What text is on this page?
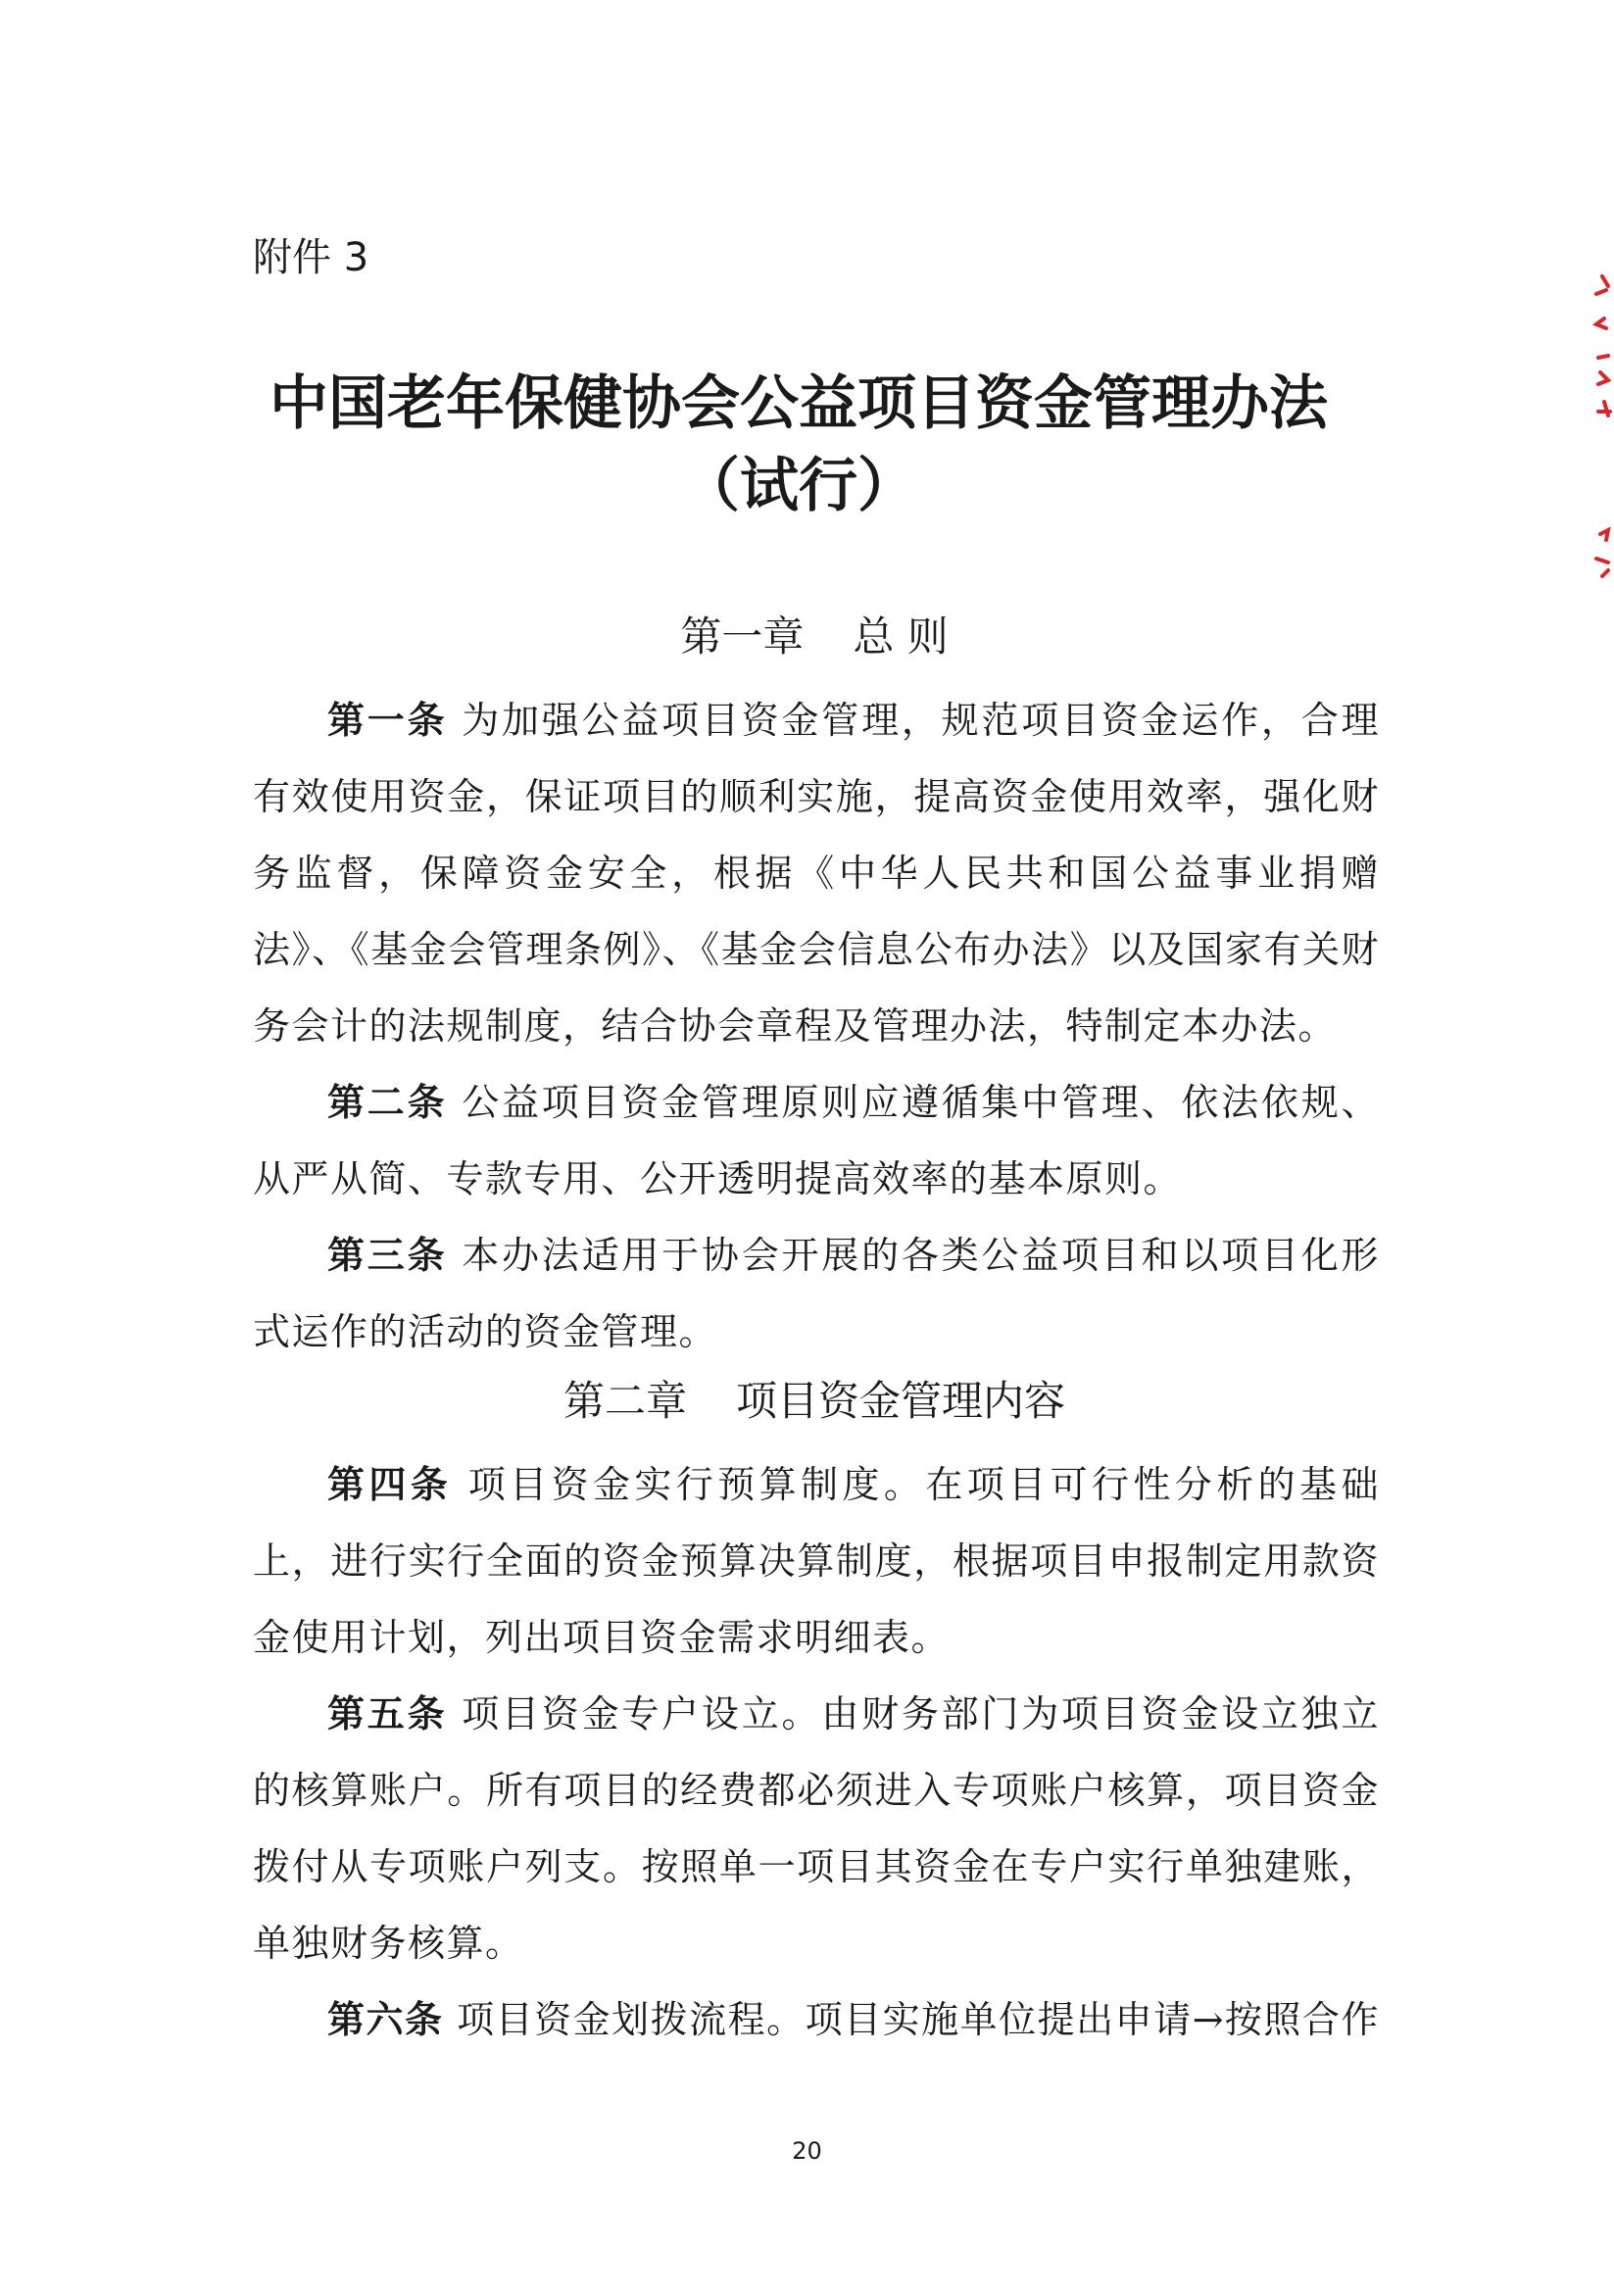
附件 3
中国老年保健协会公益项目资金管理办法
（试行）
第一章 总 则
第一条 为加强公益项目资金管理，规范项目资金运作，合理有效使用资金，保证项目的顺利实施，提高资金使用效率，强化财务监督，保障资金安全，根据《中华人民共和国公益事业捐赠法》、《基金会管理条例》、《基金会信息公布办法》以及国家有关财务会计的法规制度，结合协会章程及管理办法，特制定本办法。
第二条 公益项目资金管理原则应遵循集中管理、依法依规、从严从简、专款专用、公开透明提高效率的基本原则。
第三条 本办法适用于协会开展的各类公益项目和以项目化形式运作的活动的资金管理。
第二章 项目资金管理内容
第四条 项目资金实行预算制度。在项目可行性分析的基础上，进行实行全面的资金预算决算制度，根据项目申报制定用款资金使用计划，列出项目资金需求明细表。
第五条 项目资金专户设立。由财务部门为项目资金设立独立的核算账户。所有项目的经费都必须进入专项账户核算，项目资金拨付从专项账户列支。按照单一项目其资金在专户实行单独建账，单独财务核算。
第六条 项目资金划拨流程。项目实施单位提出申请→按照合作
20
